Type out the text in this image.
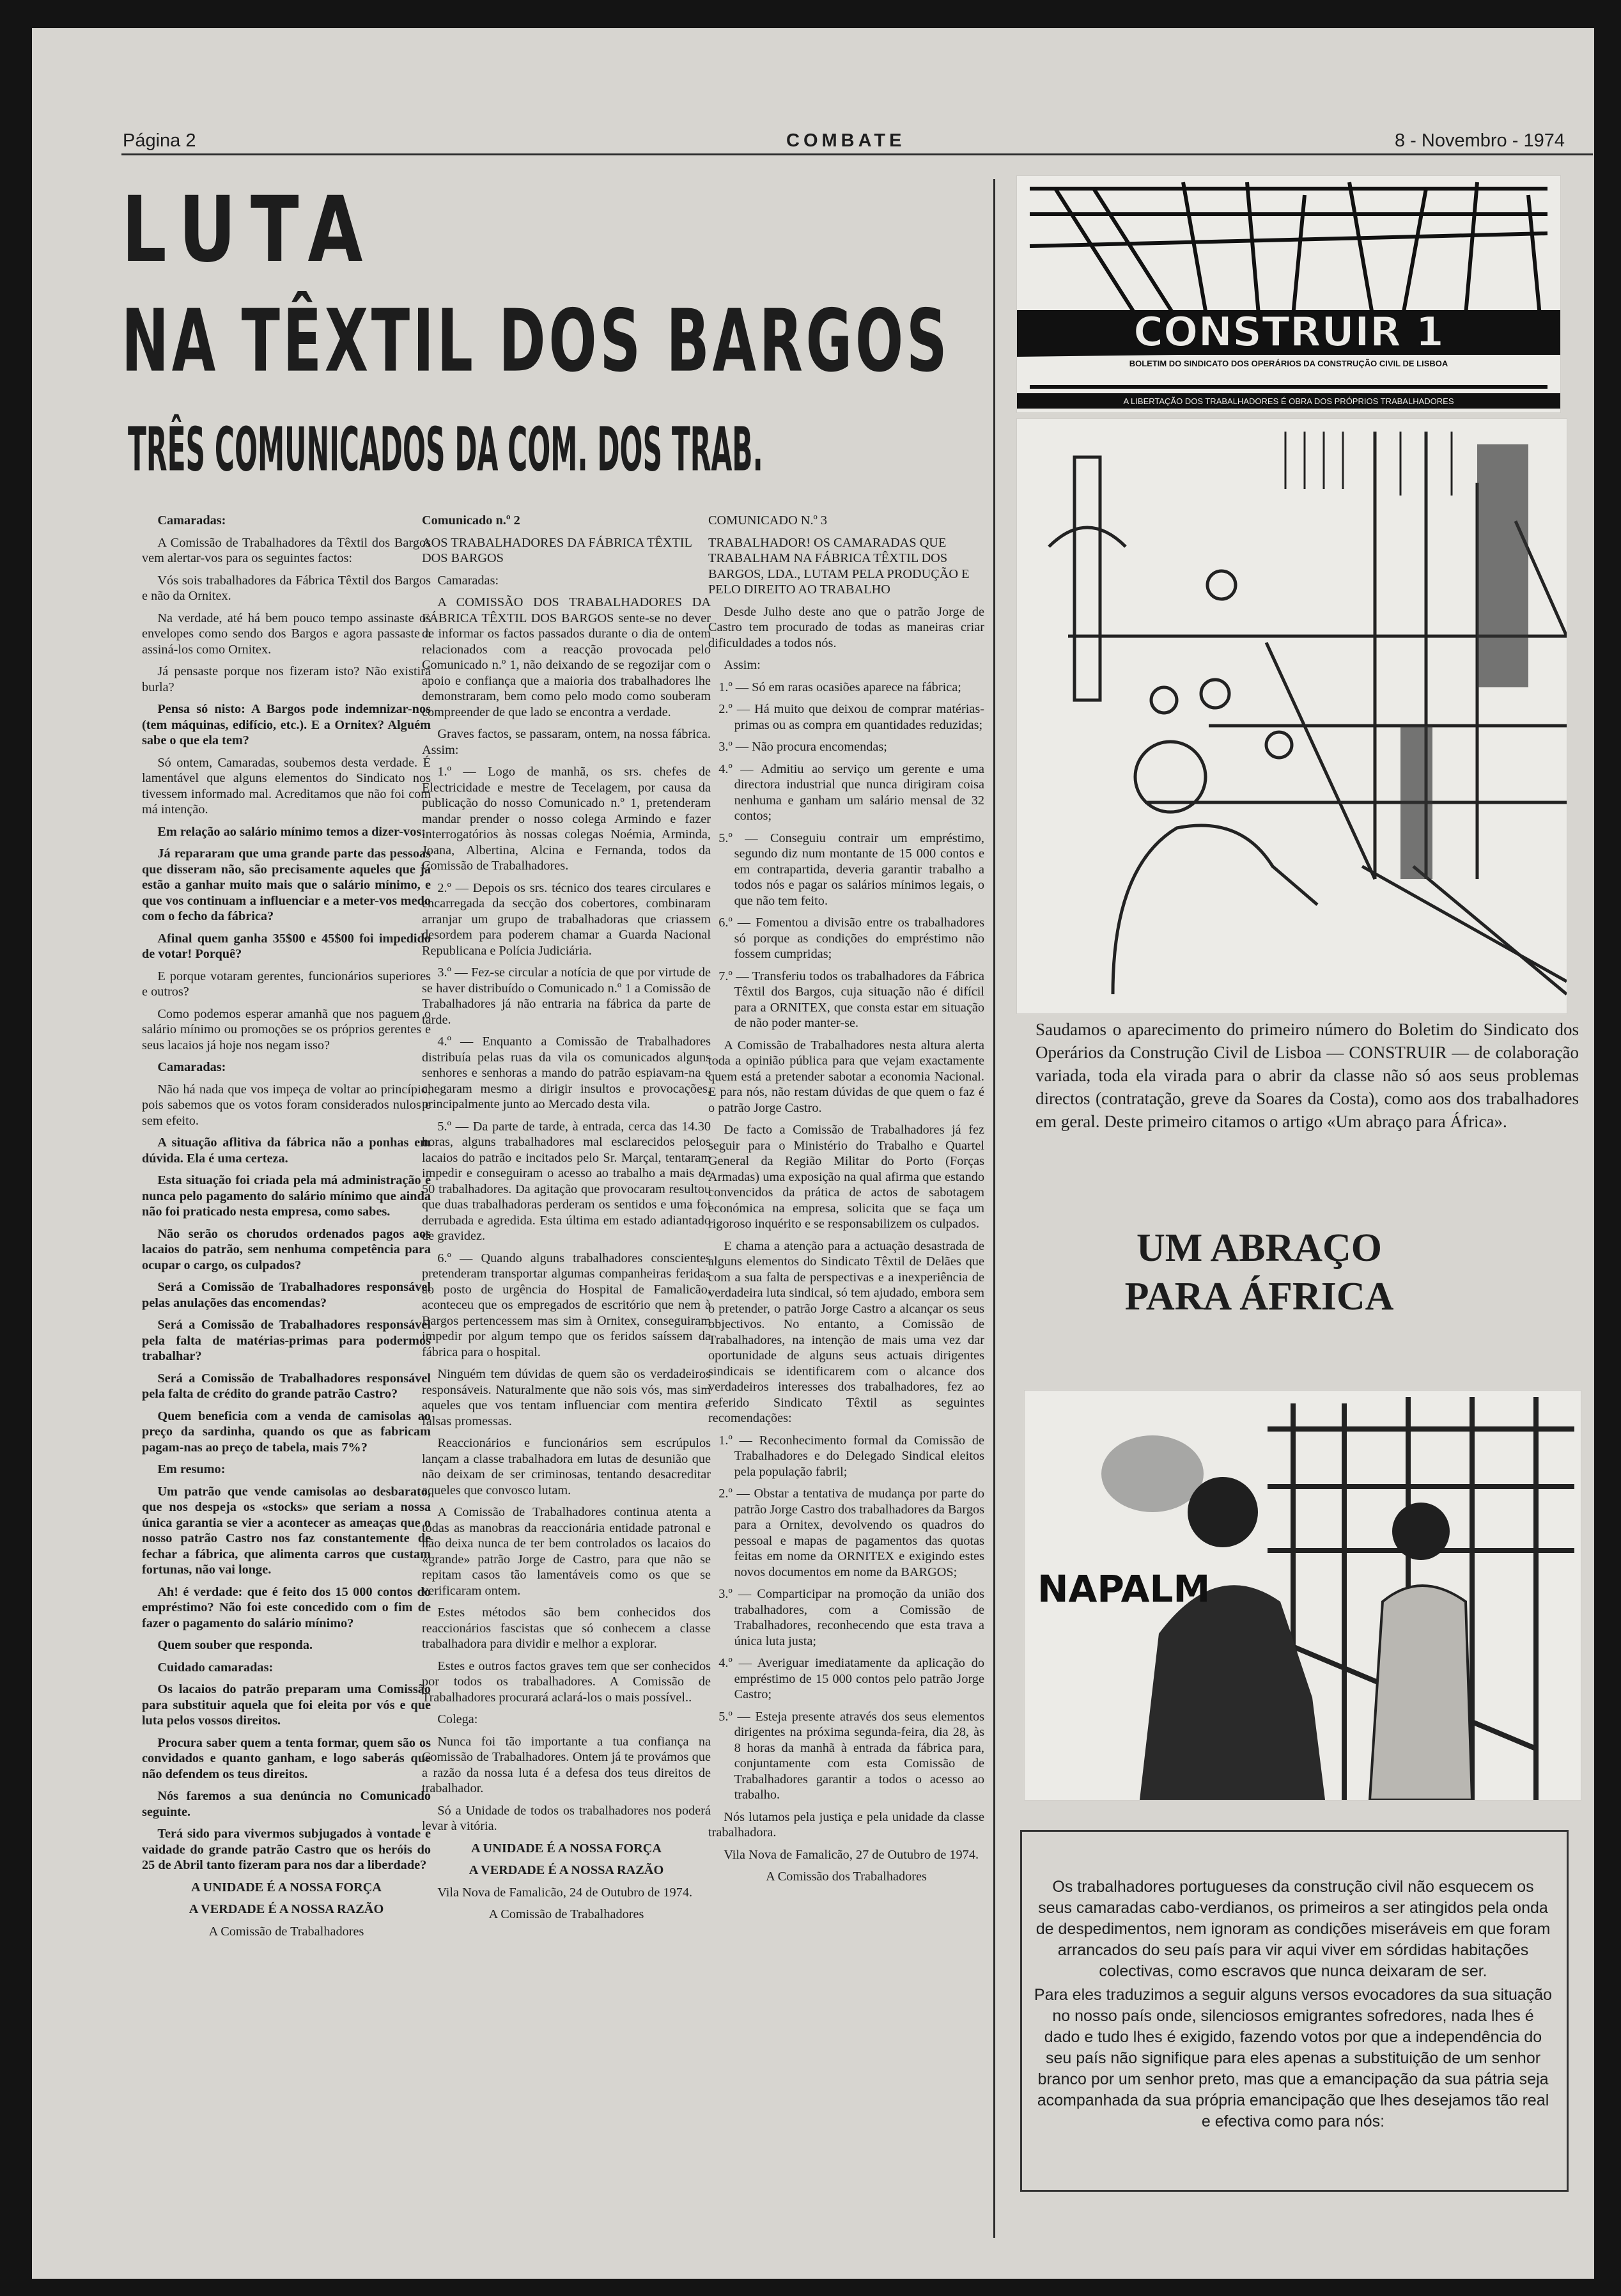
Página 2	COMBATE	8 - Novembro - 1974
LUTA
NA TÊXTIL DOS BARGOS
TRÊS COMUNICADOS DA COM. DOS TRAB.

Camaradas:

A Comissão de Trabalhadores da Têxtil dos Bargos vem alertar-vos para os seguintes factos:

Vós sois trabalhadores da Fábrica Têxtil dos Bargos e não da Ornitex.

Na verdade, até há bem pouco tempo assinaste os envelopes como sendo dos Bargos e agora passaste a assiná-los como Ornitex.

Já pensaste porque nos fizeram isto? Não existirá burla?

Pensa só nisto: A Bargos pode indemnizar-nos (tem máquinas, edifício, etc.). E a Ornitex? Alguém sabe o que ela tem?

Só ontem, Camaradas, soubemos desta verdade. É lamentável que alguns elementos do Sindicato nos tivessem informado mal. Acreditamos que não foi com má intenção.

Em relação ao salário mínimo temos a dizer-vos:

Já repararam que uma grande parte das pessoas que disseram não, são precisamente aqueles que já estão a ganhar muito mais que o salário mínimo, e que vos continuam a influenciar e a meter-vos medo com o fecho da fábrica?

Afinal quem ganha 35$00 e 45$00 foi impedido de votar! Porquê?

E porque votaram gerentes, funcionários superiores e outros?

Como podemos esperar amanhã que nos paguem o salário mínimo ou promoções se os próprios gerentes e seus lacaios já hoje nos negam isso?

Camaradas:

Não há nada que vos impeça de voltar ao princípio, pois sabemos que os votos foram considerados nulos e sem efeito.

A situação aflitiva da fábrica não a ponhas em dúvida. Ela é uma certeza.

Esta situação foi criada pela má administração e nunca pelo pagamento do salário mínimo que ainda não foi praticado nesta empresa, como sabes.

Não serão os chorudos ordenados pagos aos lacaios do patrão, sem nenhuma competência para ocupar o cargo, os culpados?

Será a Comissão de Trabalhadores responsável pelas anulações das encomendas?

Será a Comissão de Trabalhadores responsável pela falta de matérias-primas para podermos trabalhar?

Será a Comissão de Trabalhadores responsável pela falta de crédito do grande patrão Castro?

Quem beneficia com a venda de camisolas ao preço da sardinha, quando os que as fabricam pagam-nas ao preço de tabela, mais 7%?

Em resumo:

Um patrão que vende camisolas ao desbarato, que nos despeja os «stocks» que seriam a nossa única garantia se vier a acontecer as ameaças que o nosso patrão Castro nos faz constantemente de fechar a fábrica, que alimenta carros que custam fortunas, não vai longe.

Ah! é verdade: que é feito dos 15 000 contos do empréstimo? Não foi este concedido com o fim de fazer o pagamento do salário mínimo?

Quem souber que responda.

Cuidado camaradas:

Os lacaios do patrão preparam uma Comissão para substituir aquela que foi eleita por vós e que luta pelos vossos direitos.

Procura saber quem a tenta formar, quem são os convidados e quanto ganham, e logo saberás que não defendem os teus direitos.

Nós faremos a sua denúncia no Comunicado seguinte.

Terá sido para vivermos subjugados à vontade e vaidade do grande patrão Castro que os heróis do 25 de Abril tanto fizeram para nos dar a liberdade?

A UNIDADE É A NOSSA FORÇA

A VERDADE É A NOSSA RAZÃO

A Comissão de Trabalhadores

Comunicado n.º 2

AOS TRABALHADORES DA FÁBRICA TÊXTIL DOS BARGOS

Camaradas:

A COMISSÃO DOS TRABALHADORES DA FÁBRICA TÊXTIL DOS BARGOS sente-se no dever de informar os factos passados durante o dia de ontem relacionados com a reacção provocada pelo Comunicado n.º 1, não deixando de se regozijar com o apoio e confiança que a maioria dos trabalhadores lhe demonstraram, bem como pelo modo como souberam compreender de que lado se encontra a verdade.

Graves factos, se passaram, ontem, na nossa fábrica. Assim:

1.º — Logo de manhã, os srs. chefes de Electricidade e mestre de Tecelagem, por causa da publicação do nosso Comunicado n.º 1, pretenderam mandar prender o nosso colega Armindo e fazer interrogatórios às nossas colegas Noémia, Arminda, Joana, Albertina, Alcina e Fernanda, todos da Comissão de Trabalhadores.

2.º — Depois os srs. técnico dos teares circulares e encarregada da secção dos cobertores, combinaram arranjar um grupo de trabalhadoras que criassem desordem para poderem chamar a Guarda Nacional Republicana e Polícia Judiciária.

3.º — Fez-se circular a notícia de que por virtude de se haver distribuído o Comunicado n.º 1 a Comissão de Trabalhadores já não entraria na fábrica da parte de tarde.

4.º — Enquanto a Comissão de Trabalhadores distribuía pelas ruas da vila os comunicados alguns senhores e senhoras a mando do patrão espiavam-na e chegaram mesmo a dirigir insultos e provocações, principalmente junto ao Mercado desta vila.

5.º — Da parte de tarde, à entrada, cerca das 14.30 horas, alguns trabalhadores mal esclarecidos pelos lacaios do patrão e incitados pelo Sr. Marçal, tentaram impedir e conseguiram o acesso ao trabalho a mais de 50 trabalhadores. Da agitação que provocaram resultou que duas trabalhadoras perderam os sentidos e uma foi derrubada e agredida. Esta última em estado adiantado de gravidez.

6.º — Quando alguns trabalhadores conscientes pretenderam transportar algumas companheiras feridas ao posto de urgência do Hospital de Famalicão, aconteceu que os empregados de escritório que nem à Bargos pertencessem mas sim à Ornitex, conseguiram impedir por algum tempo que os feridos saíssem da fábrica para o hospital.

Ninguém tem dúvidas de quem são os verdadeiros responsáveis. Naturalmente que não sois vós, mas sim aqueles que vos tentam influenciar com mentira e falsas promessas.

Reaccionários e funcionários sem escrúpulos lançam a classe trabalhadora em lutas de desunião que não deixam de ser criminosas, tentando desacreditar aqueles que convosco lutam.

A Comissão de Trabalhadores continua atenta a todas as manobras da reaccionária entidade patronal e não deixa nunca de ter bem controlados os lacaios do «grande» patrão Jorge de Castro, para que não se repitam casos tão lamentáveis como os que se verificaram ontem.

Estes métodos são bem conhecidos dos reaccionários fascistas que só conhecem a classe trabalhadora para dividir e melhor a explorar.

Estes e outros factos graves tem que ser conhecidos por todos os trabalhadores. A Comissão de Trabalhadores procurará aclará-los o mais possível..

Colega:

Nunca foi tão importante a tua confiança na Comissão de Trabalhadores. Ontem já te provámos que a razão da nossa luta é a defesa dos teus direitos de trabalhador.

Só a Unidade de todos os trabalhadores nos poderá levar à vitória.

A UNIDADE É A NOSSA FORÇA

A VERDADE É A NOSSA RAZÃO

Vila Nova de Famalicão, 24 de Outubro de 1974.

A Comissão de Trabalhadores

COMUNICADO N.º 3

TRABALHADOR! OS CAMARADAS QUE TRABALHAM NA FÁBRICA TÊXTIL DOS BARGOS, LDA., LUTAM PELA PRODUÇÃO E PELO DIREITO AO TRABALHO

Desde Julho deste ano que o patrão Jorge de Castro tem procurado de todas as maneiras criar dificuldades a todos nós.

Assim:

1.º — Só em raras ocasiões aparece na fábrica;

2.º — Há muito que deixou de comprar matérias-primas ou as compra em quantidades reduzidas;

3.º — Não procura encomendas;

4.º — Admitiu ao serviço um gerente e uma directora industrial que nunca dirigiram coisa nenhuma e ganham um salário mensal de 32 contos;

5.º — Conseguiu contrair um empréstimo, segundo diz num montante de 15 000 contos e em contrapartida, deveria garantir trabalho a todos nós e pagar os salários mínimos legais, o que não tem feito.

6.º — Fomentou a divisão entre os trabalhadores só porque as condições do empréstimo não fossem cumpridas;

7.º — Transferiu todos os trabalhadores da Fábrica Têxtil dos Bargos, cuja situação não é difícil para a ORNITEX, que consta estar em situação de não poder manter-se.

A Comissão de Trabalhadores nesta altura alerta toda a opinião pública para que vejam exactamente quem está a pretender sabotar a economia Nacional. E para nós, não restam dúvidas de que quem o faz é o patrão Jorge Castro.

De facto a Comissão de Trabalhadores já fez seguir para o Ministério do Trabalho e Quartel General da Região Militar do Porto (Forças Armadas) uma exposição na qual afirma que estando convencidos da prática de actos de sabotagem económica na empresa, solicita que se faça um rigoroso inquérito e se responsabilizem os culpados.

E chama a atenção para a actuação desastrada de alguns elementos do Sindicato Têxtil de Delães que com a sua falta de perspectivas e a inexperiência de verdadeira luta sindical, só tem ajudado, embora sem o pretender, o patrão Jorge Castro a alcançar os seus objectivos. No entanto, a Comissão de Trabalhadores, na intenção de mais uma vez dar oportunidade de alguns seus actuais dirigentes sindicais se identificarem com o alcance dos verdadeiros interesses dos trabalhadores, fez ao referido Sindicato Têxtil as seguintes recomendações:

1.º — Reconhecimento formal da Comissão de Trabalhadores e do Delegado Sindical eleitos pela população fabril;

2.º — Obstar a tentativa de mudança por parte do patrão Jorge Castro dos trabalhadores da Bargos para a Ornitex, devolvendo os quadros do pessoal e mapas de pagamentos das quotas feitas em nome da ORNITEX e exigindo estes novos documentos em nome da BARGOS;

3.º — Comparticipar na promoção da união dos trabalhadores, com a Comissão de Trabalhadores, reconhecendo que esta trava a única luta justa;

4.º — Averiguar imediatamente da aplicação do empréstimo de 15 000 contos pelo patrão Jorge Castro;

5.º — Esteja presente através dos seus elementos dirigentes na próxima segunda-feira, dia 28, às 8 horas da manhã à entrada da fábrica para, conjuntamente com esta Comissão de Trabalhadores garantir a todos o acesso ao trabalho.

Nós lutamos pela justiça e pela unidade da classe trabalhadora.

Vila Nova de Famalicão, 27 de Outubro de 1974.

A Comissão dos Trabalhadores

CONSTRUIR 1
BOLETIM DO SINDICATO DOS OPERÁRIOS DA CONSTRUÇÃO CIVIL DE LISBOA
A LIBERTAÇÃO DOS TRABALHADORES É OBRA DOS PRÓPRIOS TRABALHADORES
Saudamos o aparecimento do primeiro número do Boletim do Sindicato dos Operários da Construção Civil de Lisboa — CONSTRUIR — de colaboração variada, toda ela virada para o abrir da classe não só aos seus problemas directos (contratação, greve da Soares da Costa), como aos dos trabalhadores em geral. Deste primeiro citamos o artigo «Um abraço para África».
UM ABRAÇO
PARA ÁFRICA
NAPALM

Os trabalhadores portugueses da construção civil não esquecem os seus camaradas cabo-verdianos, os primeiros a ser atingidos pela onda de despedimentos, nem ignoram as condições miseráveis em que foram arrancados do seu país para vir aqui viver em sórdidas habitações colectivas, como escravos que nunca deixaram de ser.

Para eles traduzimos a seguir alguns versos evocadores da sua situação no nosso país onde, silenciosos emigrantes sofredores, nada lhes é dado e tudo lhes é exigido, fazendo votos por que a independência do seu país não signifique para eles apenas a substituição de um senhor branco por um senhor preto, mas que a emancipação da sua pátria seja acompanhada da sua própria emancipação que lhes desejamos tão real e efectiva como para nós:
